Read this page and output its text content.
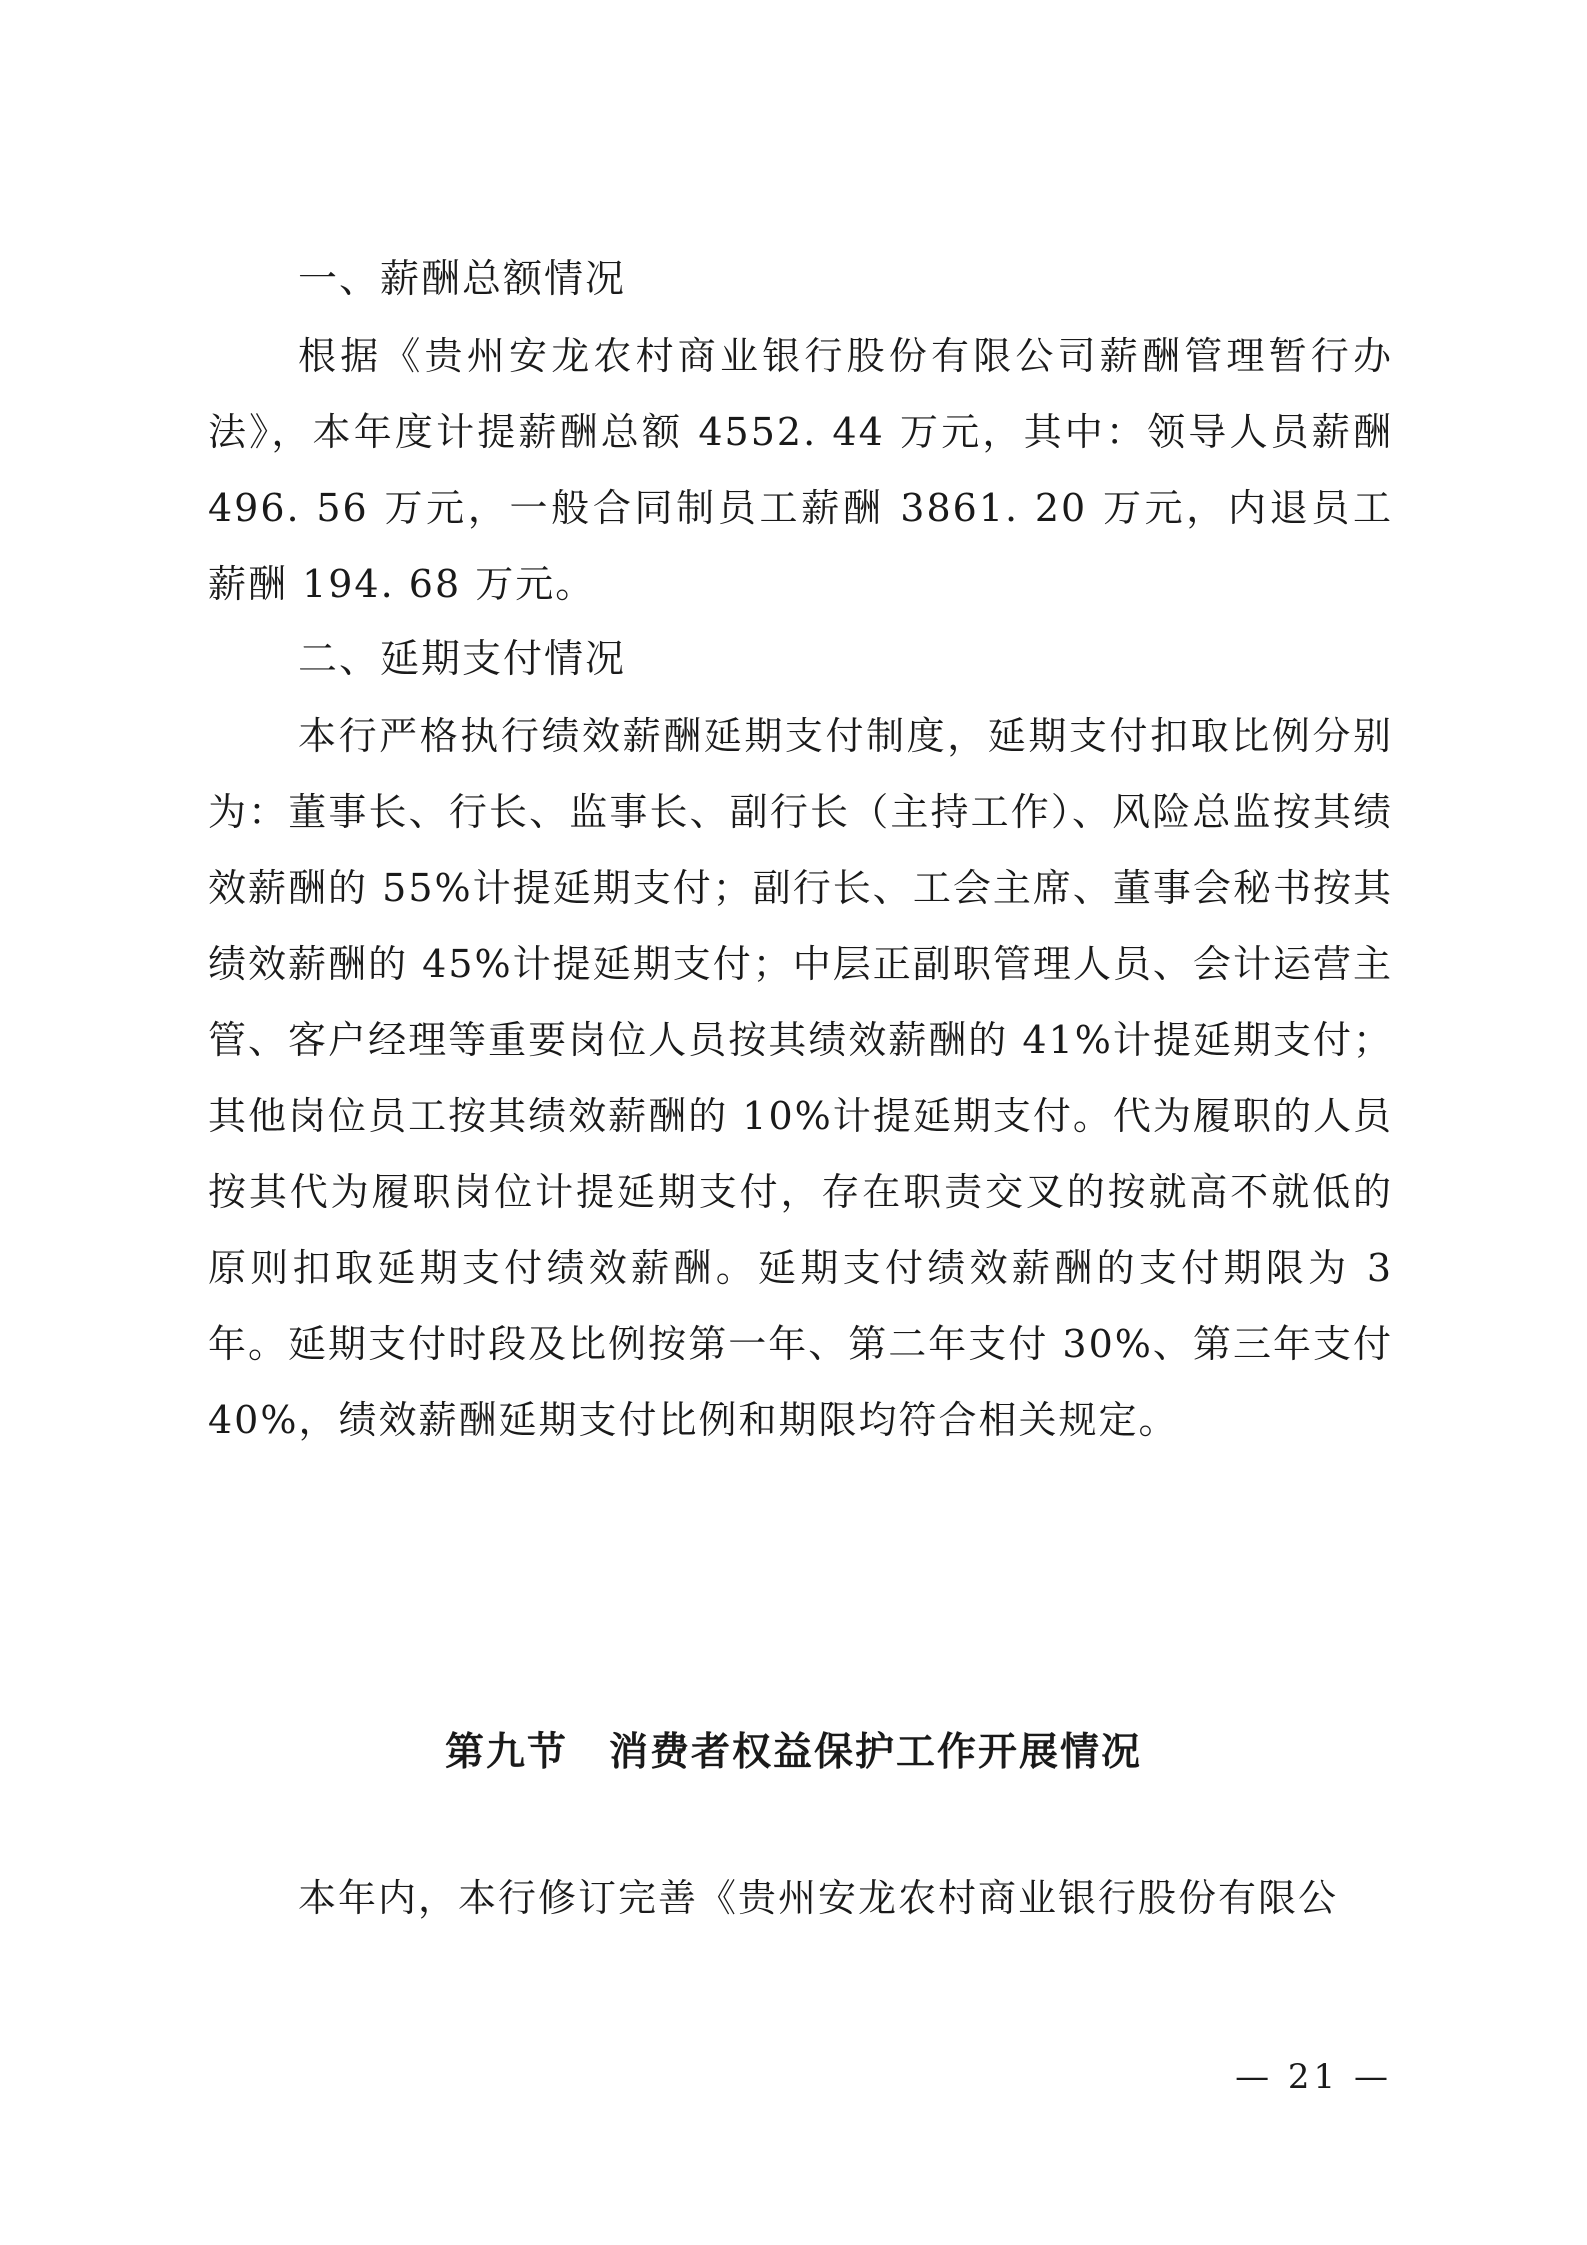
一、薪酬总额情况

根据《贵州安龙农村商业银行股份有限公司薪酬管理暂行办法》，本年度计提薪酬总额 4552. 44 万元，其中：领导人员薪酬 496. 56 万元，一般合同制员工薪酬 3861. 20 万元，内退员工薪酬 194. 68 万元。

二、延期支付情况

本行严格执行绩效薪酬延期支付制度，延期支付扣取比例分别为：董事长、行长、监事长、副行长（主持工作）、风险总监按其绩效薪酬的 55%计提延期支付；副行长、工会主席、董事会秘书按其绩效薪酬的 45%计提延期支付；中层正副职管理人员、会计运营主管、客户经理等重要岗位人员按其绩效薪酬的 41%计提延期支付；其他岗位员工按其绩效薪酬的 10%计提延期支付。代为履职的人员按其代为履职岗位计提延期支付，存在职责交叉的按就高不就低的原则扣取延期支付绩效薪酬。延期支付绩效薪酬的支付期限为 3 年。延期支付时段及比例按第一年、第二年支付 30%、第三年支付 40%，绩效薪酬延期支付比例和期限均符合相关规定。

第九节　消费者权益保护工作开展情况

本年内，本行修订完善《贵州安龙农村商业银行股份有限公

— 21 —
